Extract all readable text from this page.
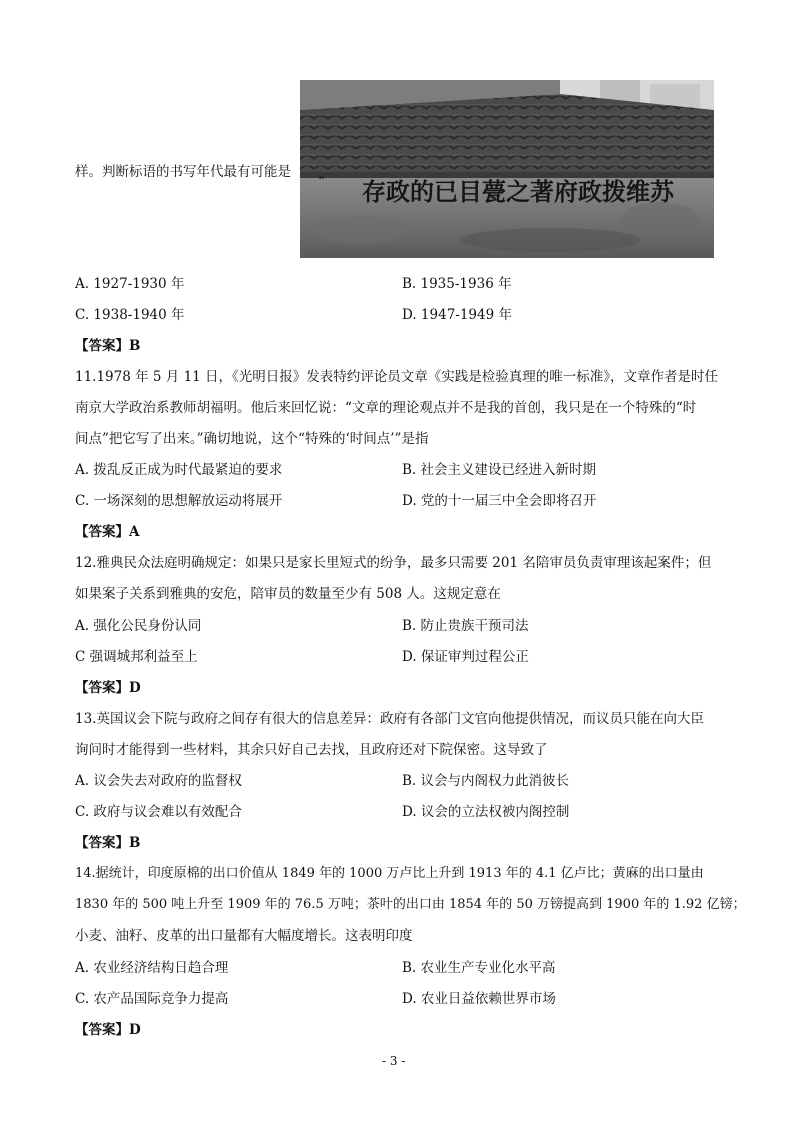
样。判断标语的书写年代最有可能是
“ 存政的已目甍之著府政拨维苏
A. 1927-1930 年	B. 1935-1936 年
C. 1938-1940 年	D. 1947-1949 年
【答案】B
11.1978 年 5 月 11 日，《光明日报》发表特约评论员文章《实践是检验真理的唯一标准》，文章作者是时任
南京大学政治系教师胡福明。他后来回忆说：“文章的理论观点并不是我的首创，我只是在一个特殊的“时
间点”把它写了出来。”确切地说，这个“特殊的‘时间点’”是指
A. 拨乱反正成为时代最紧迫的要求	B. 社会主义建设已经进入新时期
C. 一场深刻的思想解放运动将展开	D. 党的十一届三中全会即将召开
【答案】A
12.雅典民众法庭明确规定：如果只是家长里短式的纷争，最多只需要 201 名陪审员负责审理该起案件；但
如果案子关系到雅典的安危，陪审员的数量至少有 508 人。这规定意在
A. 强化公民身份认同	B. 防止贵族干预司法
C 强调城邦利益至上	D. 保证审判过程公正
【答案】D
13.英国议会下院与政府之间存有很大的信息差异：政府有各部门文官向他提供情况，而议员只能在向大臣
询问时才能得到一些材料，其余只好自己去找，且政府还对下院保密。这导致了
A. 议会失去对政府的监督权	B. 议会与内阁权力此消彼长
C. 政府与议会难以有效配合	D. 议会的立法权被内阁控制
【答案】B
14.据统计，印度原棉的出口价值从 1849 年的 1000 万卢比上升到 1913 年的 4.1 亿卢比；黄麻的出口量由
1830 年的 500 吨上升至 1909 年的 76.5 万吨；茶叶的出口由 1854 年的 50 万镑提高到 1900 年的 1.92 亿镑；
小麦、油籽、皮革的出口量都有大幅度增长。这表明印度
A. 农业经济结构日趋合理	B. 农业生产专业化水平高
C. 农产品国际竞争力提高	D. 农业日益依赖世界市场
【答案】D
- 3 -
